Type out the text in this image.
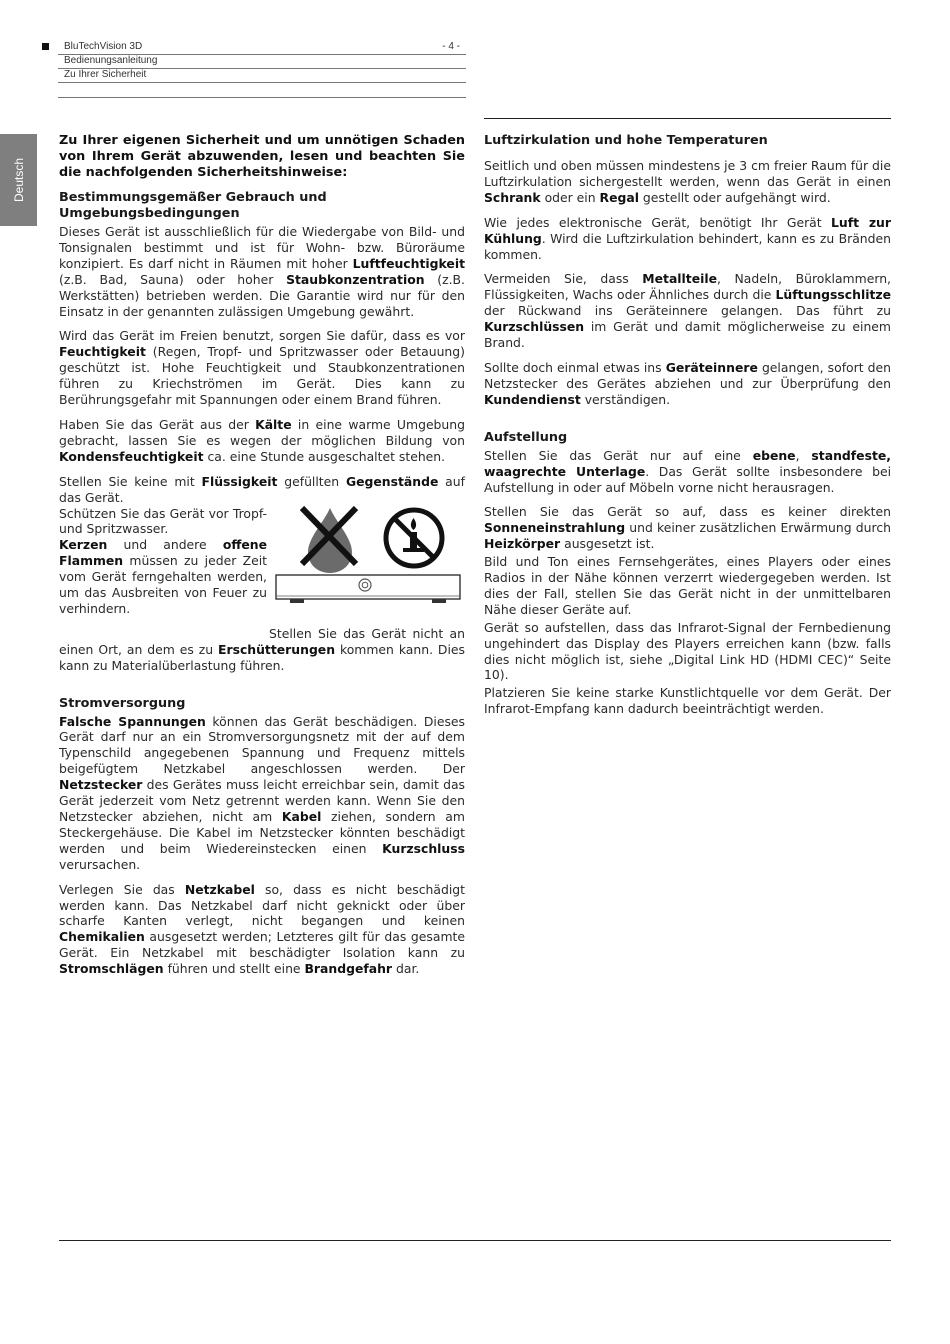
BluTechVision 3D	- 4 -
Bedienungsanleitung
Zu Ihrer Sicherheit
Deutsch

Zu Ihrer eigenen Sicherheit und um unnötigen Schaden von Ihrem Gerät abzuwenden, lesen und beachten Sie die nachfolgenden Sicherheitshinweise:

Bestimmungsgemäßer Gebrauch und Umgebungsbedingungen

Dieses Gerät ist ausschließlich für die Wiedergabe von Bild- und Tonsignalen bestimmt und ist für Wohn- bzw. Büroräume konzipiert. Es darf nicht in Räumen mit hoher Luftfeuchtigkeit (z.B. Bad, Sauna) oder hoher Staubkonzentration (z.B. Werkstätten) betrieben werden. Die Garantie wird nur für den Einsatz in der genannten zulässigen Umgebung gewährt.

Wird das Gerät im Freien benutzt, sorgen Sie dafür, dass es vor Feuchtigkeit (Regen, Tropf- und Spritzwasser oder Betauung) geschützt ist. Hohe Feuchtigkeit und Staubkonzentrationen führen zu Kriechströmen im Gerät. Dies kann zu Berührungsgefahr mit Spannungen oder einem Brand führen.

Haben Sie das Gerät aus der Kälte in eine warme Umgebung gebracht, lassen Sie es wegen der möglichen Bildung von Kondensfeuchtigkeit ca. eine Stunde ausgeschaltet stehen.

Stellen Sie keine mit Flüssigkeit gefüllten Gegenstände auf das Gerät.

Schützen Sie das Gerät vor Tropf- und Spritzwasser.
Kerzen und andere offene Flammen müssen zu jeder Zeit vom Gerät ferngehalten werden, um das Ausbreiten von Feuer zu verhindern.

Stellen Sie das Gerät nicht an einen Ort, an dem es zu Erschütterungen kommen kann. Dies kann zu Materialüberlastung führen.

Stromversorgung

Falsche Spannungen können das Gerät beschädigen. Dieses Gerät darf nur an ein Stromversorgungsnetz mit der auf dem Typenschild angegebenen Spannung und Frequenz mittels beigefügtem Netzkabel angeschlossen werden. Der Netzstecker des Gerätes muss leicht erreichbar sein, damit das Gerät jederzeit vom Netz getrennt werden kann. Wenn Sie den Netzstecker abziehen, nicht am Kabel ziehen, sondern am Steckergehäuse. Die Kabel im Netzstecker könnten beschädigt werden und beim Wiedereinstecken einen Kurzschluss verursachen.

Verlegen Sie das Netzkabel so, dass es nicht beschädigt werden kann. Das Netzkabel darf nicht geknickt oder über scharfe Kanten verlegt, nicht begangen und keinen Chemikalien ausgesetzt werden; Letzteres gilt für das gesamte Gerät. Ein Netzkabel mit beschädigter Isolation kann zu Stromschlägen führen und stellt eine Brandgefahr dar.

Luftzirkulation und hohe Temperaturen

Seitlich und oben müssen mindestens je 3 cm freier Raum für die Luftzirkulation sichergestellt werden, wenn das Gerät in einen Schrank oder ein Regal gestellt oder aufgehängt wird.

Wie jedes elektronische Gerät, benötigt Ihr Gerät Luft zur Kühlung. Wird die Luftzirkulation behindert, kann es zu Bränden kommen.

Vermeiden Sie, dass Metallteile, Nadeln, Büroklammern, Flüssigkeiten, Wachs oder Ähnliches durch die Lüftungsschlitze der Rückwand ins Geräteinnere gelangen. Das führt zu Kurzschlüssen im Gerät und damit möglicherweise zu einem Brand.

Sollte doch einmal etwas ins Geräteinnere gelangen, sofort den Netzstecker des Gerätes abziehen und zur Überprüfung den Kundendienst verständigen.

Aufstellung

Stellen Sie das Gerät nur auf eine ebene, standfeste, waagrechte Unterlage. Das Gerät sollte insbesondere bei Aufstellung in oder auf Möbeln vorne nicht herausragen.

Stellen Sie das Gerät so auf, dass es keiner direkten Sonneneinstrahlung und keiner zusätzlichen Erwärmung durch Heizkörper ausgesetzt ist.

Bild und Ton eines Fernsehgerätes, eines Players oder eines Radios in der Nähe können verzerrt wiedergegeben werden. Ist dies der Fall, stellen Sie das Gerät nicht in der unmittelbaren Nähe dieser Geräte auf.

Gerät so aufstellen, dass das Infrarot-Signal der Fernbedienung ungehindert das Display des Players erreichen kann (bzw. falls dies nicht möglich ist, siehe „Digital Link HD (HDMI CEC)“ Seite 10).

Platzieren Sie keine starke Kunstlichtquelle vor dem Gerät. Der Infrarot-Empfang kann dadurch beeinträchtigt werden.
